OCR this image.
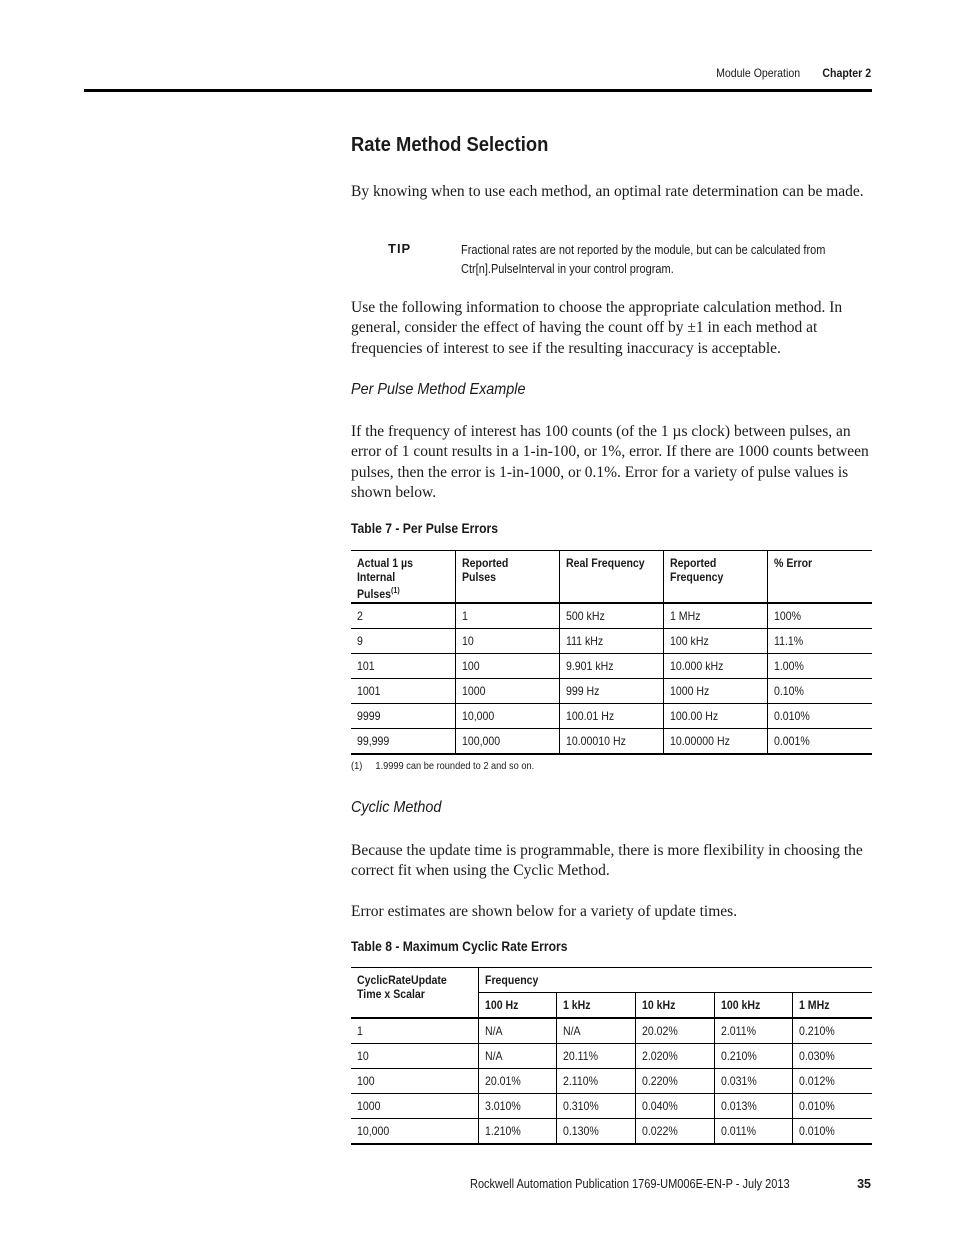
Module Operation Chapter 2
Rate Method Selection

By knowing when to use each method, an optimal rate determination can be made.

TIP	Fractional rates are not reported by the module, but can be calculated from Ctr[n].PulseInterval in your control program.

Use the following information to choose the appropriate calculation method. In general, consider the effect of having the count off by ±1 in each method at frequencies of interest to see if the resulting inaccuracy is acceptable.

Per Pulse Method Example

If the frequency of interest has 100 counts (of the 1 µs clock) between pulses, an error of 1 count results in a 1-in-100, or 1%, error. If there are 1000 counts between pulses, then the error is 1-in-1000, or 0.1%. Error for a variety of pulse values is shown below.

Table 7 - Per Pulse Errors
Actual 1 µs Internal Pulses$^{(1)}$	Reported Pulses	Real Frequency	Reported Frequency	% Error
2	1	500 kHz	1 MHz	100%
9	10	111 kHz	100 kHz	11.1%
101	100	9.901 kHz	10.000 kHz	1.00%
1001	1000	999 Hz	1000 Hz	0.10%
9999	10,000	100.01 Hz	100.00 Hz	0.010%
99,999	100,000	10.00010 Hz	10.00000 Hz	0.001%
(1) 1.9999 can be rounded to 2 and so on.
Cyclic Method

Because the update time is programmable, there is more flexibility in choosing the correct fit when using the Cyclic Method.

Error estimates are shown below for a variety of update times.

Table 8 - Maximum Cyclic Rate Errors
CyclicRateUpdate Time x Scalar	Frequency				
	100 Hz	1 kHz	10 kHz	100 kHz	1 MHz
1	N/A	N/A	20.02%	2.011%	0.210%
10	N/A	20.11%	2.020%	0.210%	0.030%
100	20.01%	2.110%	0.220%	0.031%	0.012%
1000	3.010%	0.310%	0.040%	0.013%	0.010%
10,000	1.210%	0.130%	0.022%	0.011%	0.010%
Rockwell Automation Publication 1769-UM006E-EN-P - July 2013	35
